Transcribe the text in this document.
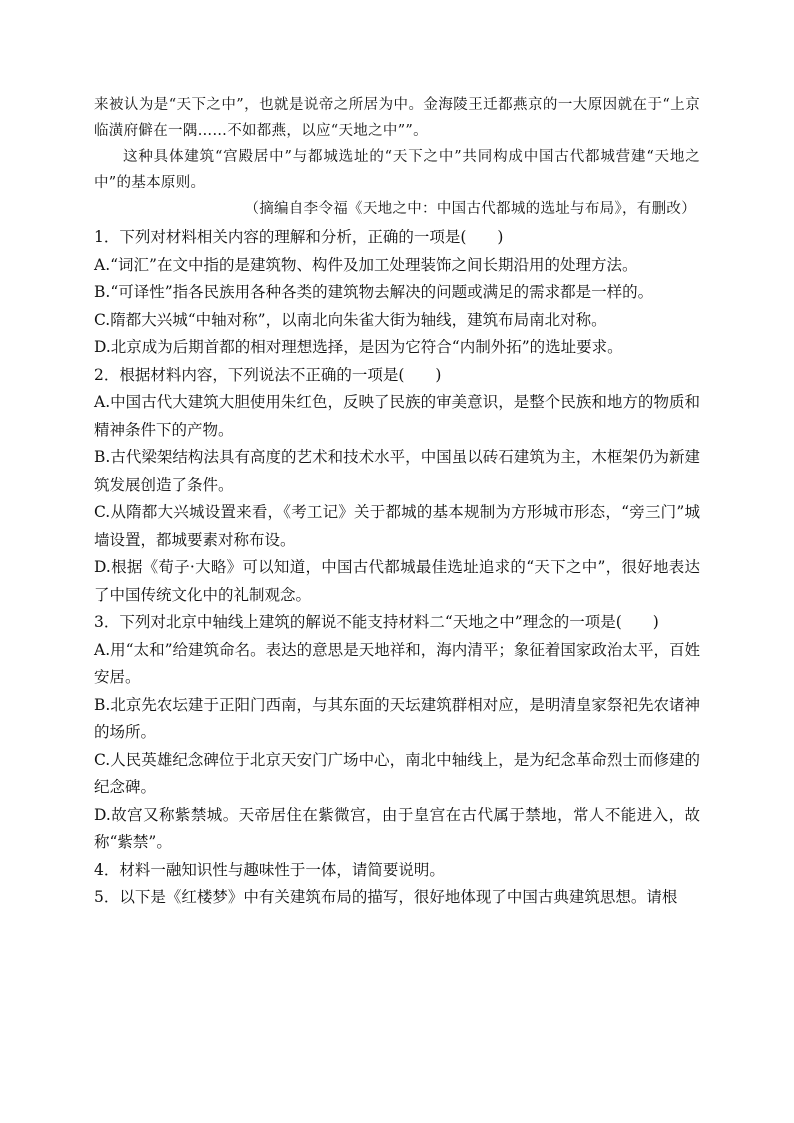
来被认为是“天下之中”，也就是说帝之所居为中。金海陵王迁都燕京的一大原因就在于“上京临潢府僻在一隅……不如都燕，以应“天地之中””。

这种具体建筑“宫殿居中”与都城选址的“天下之中”共同构成中国古代都城营建“天地之中”的基本原则。

（摘编自李令福《天地之中：中国古代都城的选址与布局》，有删改）

1．下列对材料相关内容的理解和分析，正确的一项是(　　)

A.“词汇”在文中指的是建筑物、构件及加工处理装饰之间长期沿用的处理方法。

B.“可译性”指各民族用各种各类的建筑物去解决的问题或满足的需求都是一样的。

C.隋都大兴城“中轴对称”，以南北向朱雀大街为轴线，建筑布局南北对称。

D.北京成为后期首都的相对理想选择，是因为它符合“内制外拓”的选址要求。

2．根据材料内容，下列说法不正确的一项是(　　)

A.中国古代大建筑大胆使用朱红色，反映了民族的审美意识，是整个民族和地方的物质和精神条件下的产物。

B.古代梁架结构法具有高度的艺术和技术水平，中国虽以砖石建筑为主，木框架仍为新建筑发展创造了条件。

C.从隋都大兴城设置来看，《考工记》关于都城的基本规制为方形城市形态，“旁三门”城墙设置，都城要素对称布设。

D.根据《荀子·大略》可以知道，中国古代都城最佳选址追求的“天下之中”，很好地表达了中国传统文化中的礼制观念。

3．下列对北京中轴线上建筑的解说不能支持材料二“天地之中”理念的一项是(　　)

A.用“太和”给建筑命名。表达的意思是天地祥和，海内清平；象征着国家政治太平，百姓安居。

B.北京先农坛建于正阳门西南，与其东面的天坛建筑群相对应，是明清皇家祭祀先农诸神的场所。

C.人民英雄纪念碑位于北京天安门广场中心，南北中轴线上，是为纪念革命烈士而修建的纪念碑。

D.故宫又称紫禁城。天帝居住在紫微宫，由于皇宫在古代属于禁地，常人不能进入，故称“紫禁”。

4．材料一融知识性与趣味性于一体，请简要说明。

5．以下是《红楼梦》中有关建筑布局的描写，很好地体现了中国古典建筑思想。请根
